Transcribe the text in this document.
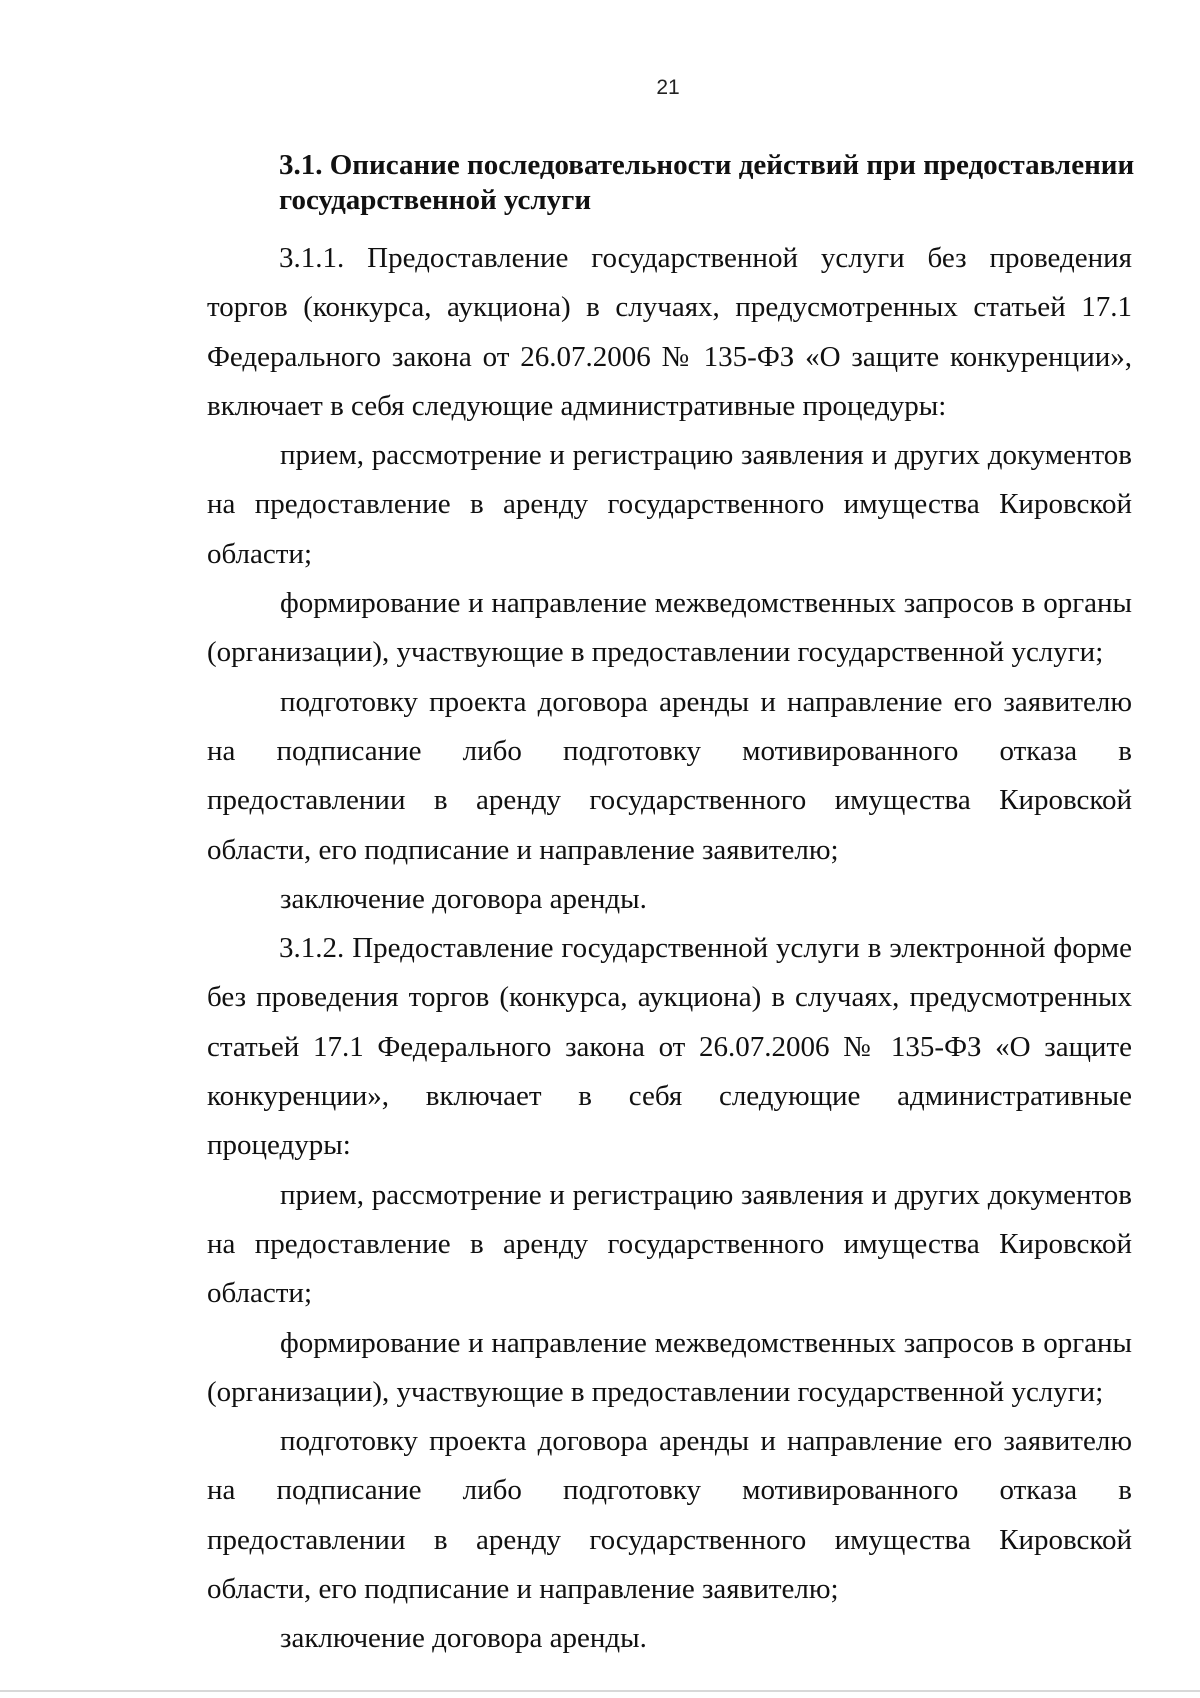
21
3.1. Описание последовательности действий при предоставлении государственной услуги

3.1.1. Предоставление государственной услуги без проведения торгов (конкурса, аукциона) в случаях, предусмотренных статьей 17.1 Федерального закона от 26.07.2006 № 135-ФЗ «О защите конкуренции», включает в себя следующие административные процедуры:

прием, рассмотрение и регистрацию заявления и других документов на предоставление в аренду государственного имущества Кировской области;

формирование и направление межведомственных запросов в органы (организации), участвующие в предоставлении государственной услуги;

подготовку проекта договора аренды и направление его заявителю на подписание либо подготовку мотивированного отказа в предоставлении в аренду государственного имущества Кировской области, его подписание и направление заявителю;

заключение договора аренды.

3.1.2. Предоставление государственной услуги в электронной форме без проведения торгов (конкурса, аукциона) в случаях, предусмотренных статьей 17.1 Федерального закона от 26.07.2006 № 135-ФЗ «О защите конкуренции», включает в себя следующие административные процедуры:

прием, рассмотрение и регистрацию заявления и других документов на предоставление в аренду государственного имущества Кировской области;

формирование и направление межведомственных запросов в органы (организации), участвующие в предоставлении государственной услуги;

подготовку проекта договора аренды и направление его заявителю на подписание либо подготовку мотивированного отказа в предоставлении в аренду государственного имущества Кировской области, его подписание и направление заявителю;

заключение договора аренды.
